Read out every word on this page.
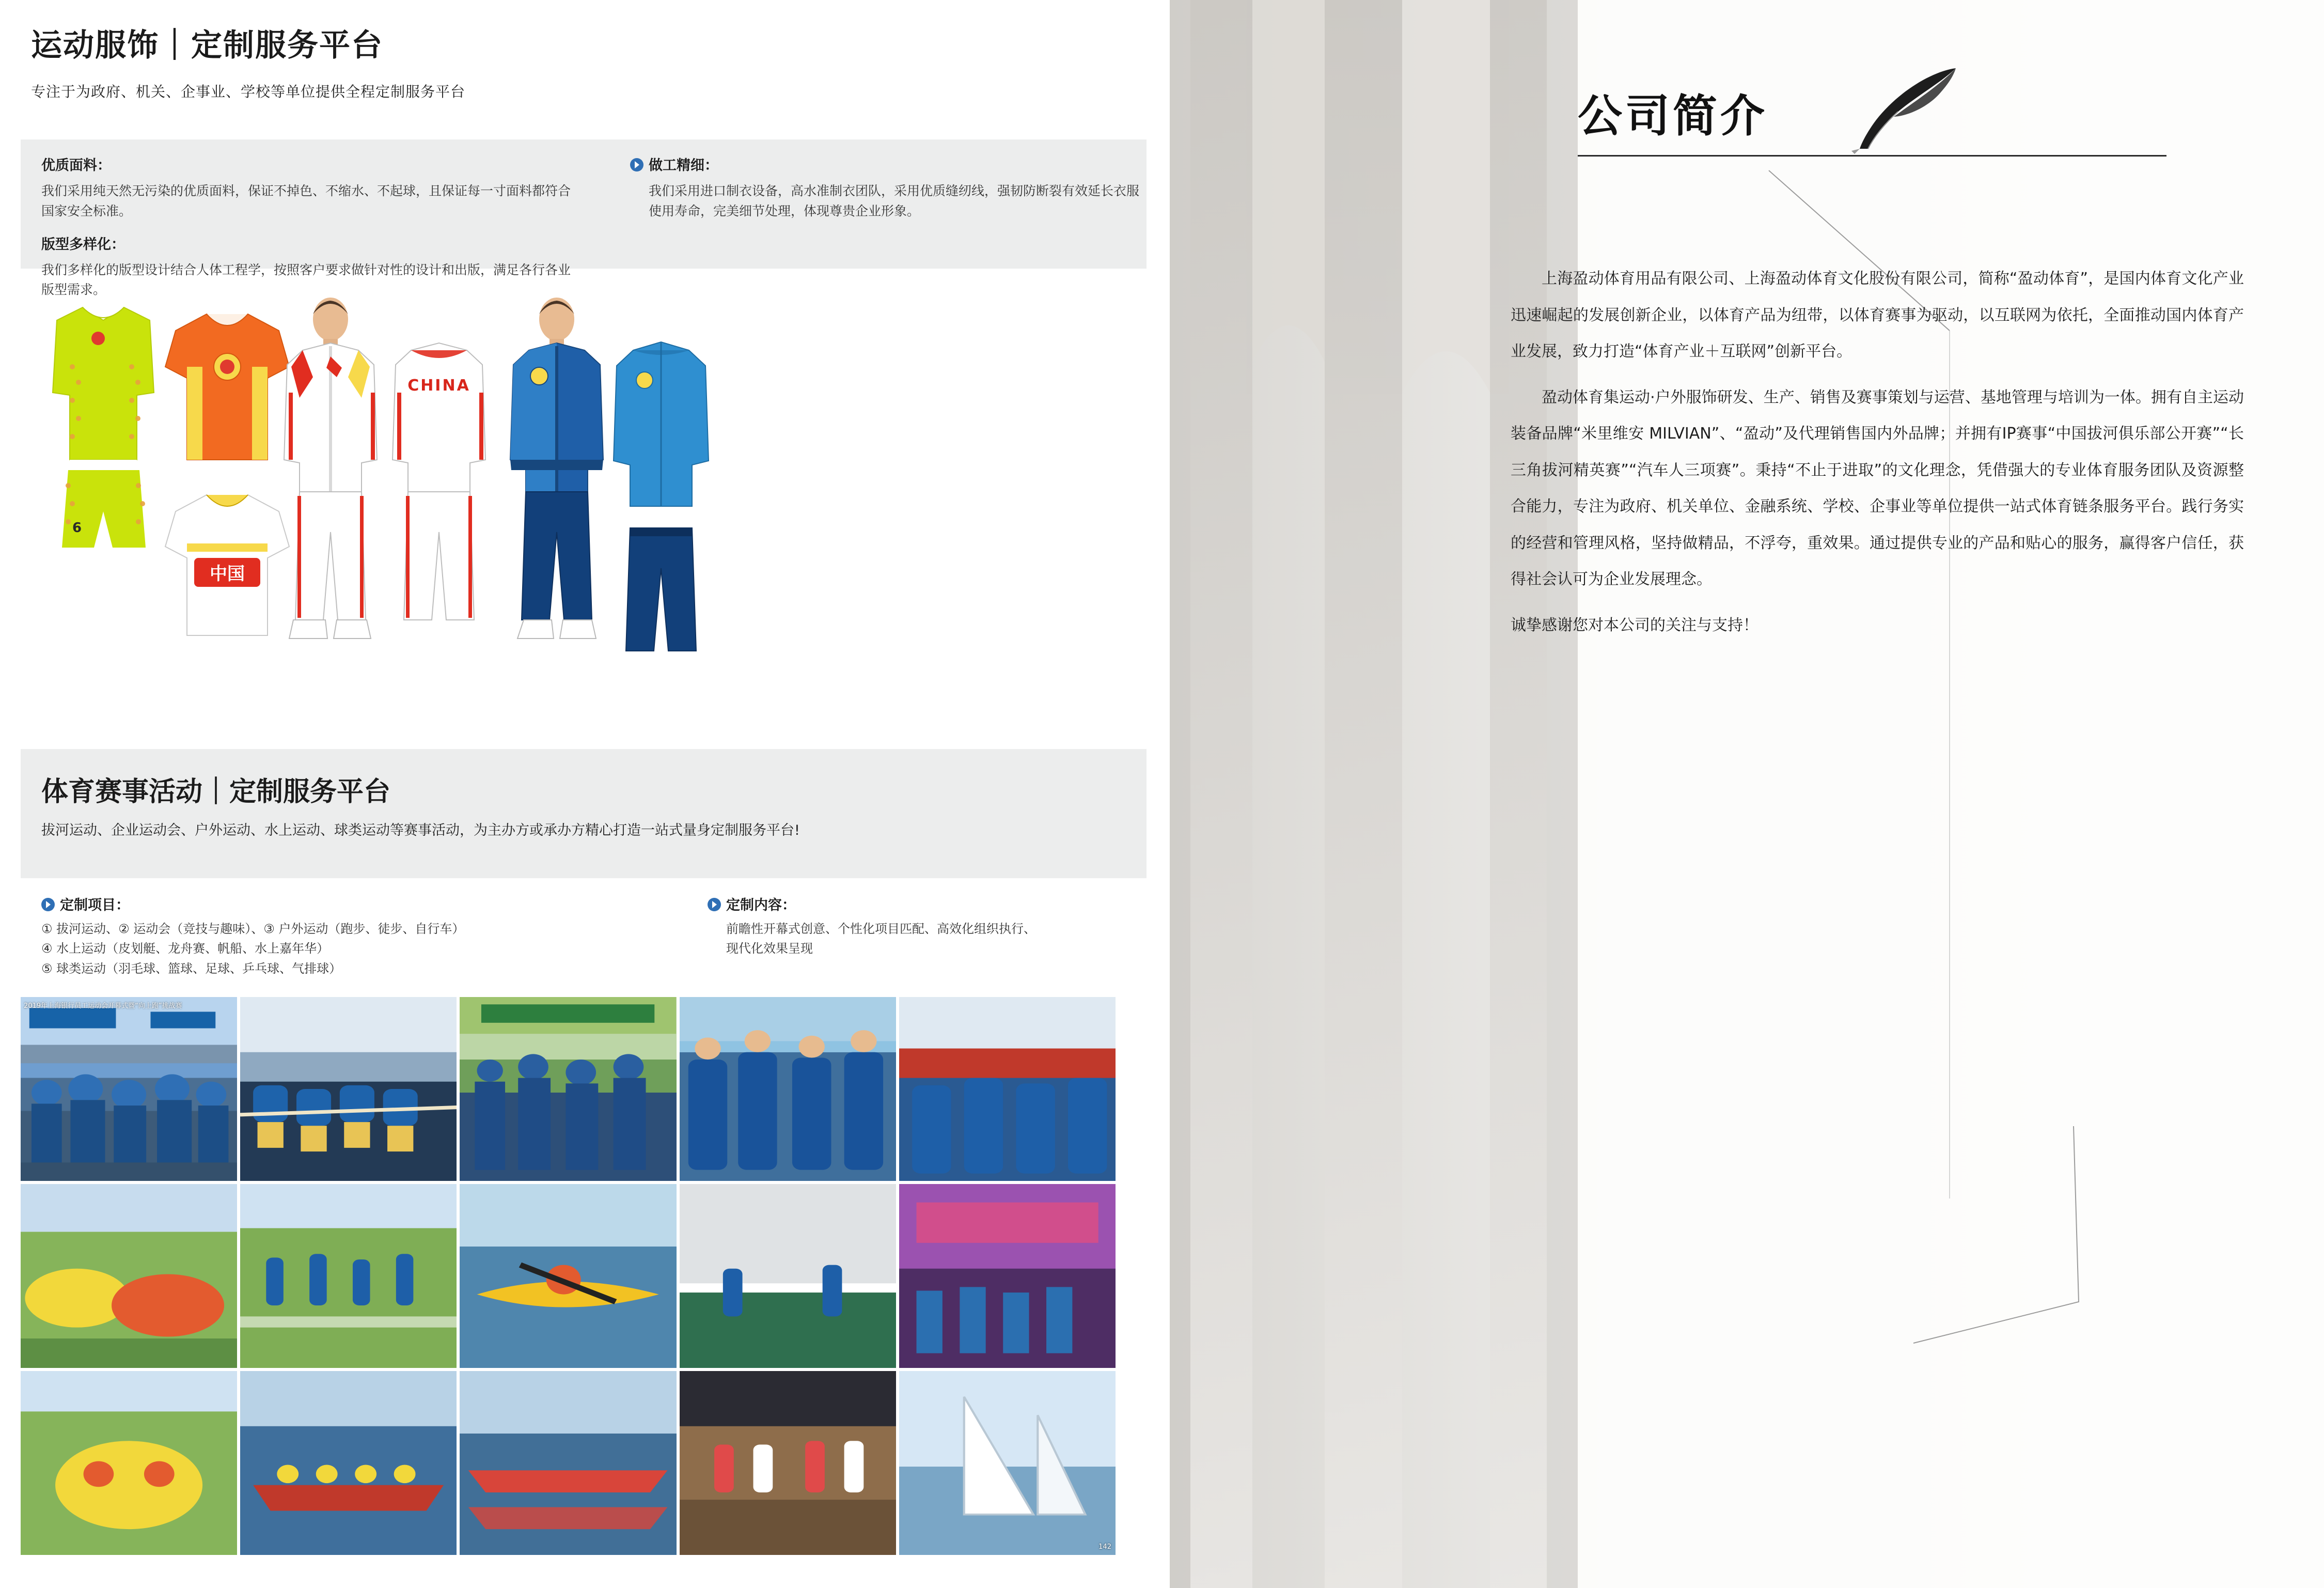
运动服饰｜定制服务平台
专注于为政府、机关、企事业、学校等单位提供全程定制服务平台
优质面料：
我们采用纯天然无污染的优质面料，保证不掉色、不缩水、不起球，且保证每一寸面料都符合国家安全标准。
版型多样化：
我们多样化的版型设计结合人体工程学，按照客户要求做针对性的设计和出版，满足各行各业版型需求。
做工精细：
我们采用进口制衣设备，高水准制衣团队，采用优质缝纫线，强韧防断裂有效延长衣服使用寿命，完美细节处理，体现尊贵企业形象。
6
中国
CHINA
体育赛事活动｜定制服务平台
拔河运动、企业运动会、户外运动、水上运动、球类运动等赛事活动，为主办方或承办方精心打造一站式量身定制服务平台!
定制项目：
① 拔河运动、② 运动会（竞技与趣味）、③ 户外运动（跑步、徒步、自行车）
④ 水上运动（皮划艇、龙舟赛、帆船、水上嘉年华）
⑤ 球类运动（羽毛球、篮球、足球、乒乓球、气排球）
定制内容：
前瞻性开幕式创意、个性化项目匹配、高效化组织执行、
现代化效果呈现
2019年上海银行员工运动会开幕式暨“向上跑”挑战赛
142
公司简介

上海盈动体育用品有限公司、上海盈动体育文化股份有限公司，简称“盈动体育”，是国内体育文化产业迅速崛起的发展创新企业，以体育产品为纽带，以体育赛事为驱动，以互联网为依托，全面推动国内体育产业发展，致力打造“体育产业＋互联网”创新平台。

盈动体育集运动·户外服饰研发、生产、销售及赛事策划与运营、基地管理与培训为一体。拥有自主运动装备品牌“米里维安 MILVIAN”、“盈动”及代理销售国内外品牌；并拥有IP赛事“中国拔河俱乐部公开赛”“长三角拔河精英赛”“汽车人三项赛”。秉持“不止于进取”的文化理念，凭借强大的专业体育服务团队及资源整合能力，专注为政府、机关单位、金融系统、学校、企事业等单位提供一站式体育链条服务平台。践行务实的经营和管理风格，坚持做精品，不浮夸，重效果。通过提供专业的产品和贴心的服务，赢得客户信任，获得社会认可为企业发展理念。

诚挚感谢您对本公司的关注与支持！
